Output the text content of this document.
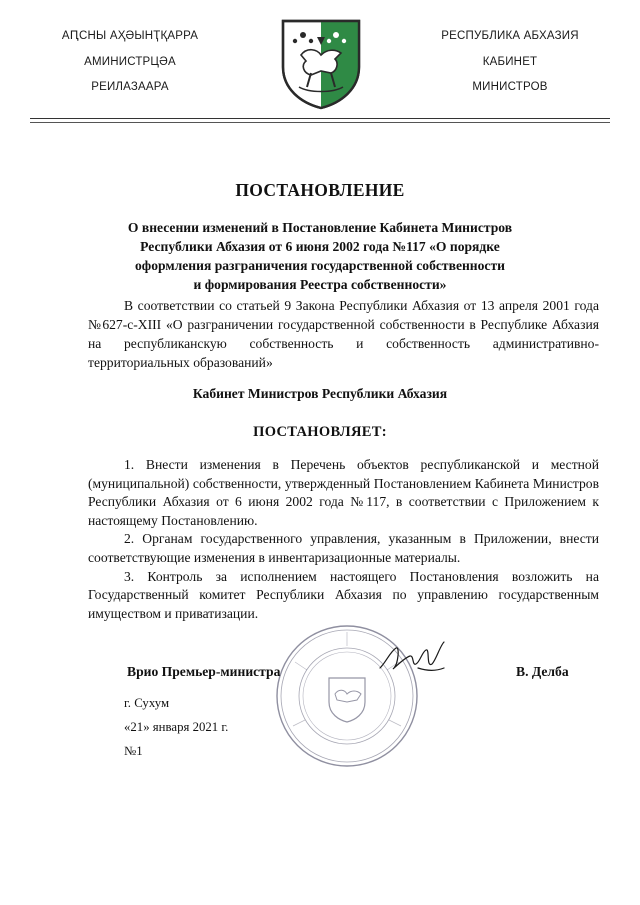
АԤСНЫ АҲӘЫНҬҚАРРА
АМИНИСТРЦӘА
РЕИЛАЗААРА
РЕСПУБЛИКА АБХАЗИЯ
КАБИНЕТ
МИНИСТРОВ
ПОСТАНОВЛЕНИЕ
О внесении изменений в Постановление Кабинета Министров
Республики Абхазия от 6 июня 2002 года №117 «О порядке
оформления разграничения государственной собственности
и формирования Реестра собственности»
В соответствии со статьей 9 Закона Республики Абхазия от 13 апреля 2001 года №627-с-XIII «О разграничении государственной собственности в Республике Абхазия на республиканскую собственность и собственность административно-территориальных образований»
Кабинет Министров Республики Абхазия
ПОСТАНОВЛЯЕТ:

1. Внести изменения в Перечень объектов республиканской и местной (муниципальной) собственности, утвержденный Постановлением Кабинета Министров Республики Абхазия от 6 июня 2002 года №117, в соответствии с Приложением к настоящему Постановлению.

2. Органам государственного управления, указанным в Приложении, внести соответствующие изменения в инвентаризационные материалы.

3. Контроль за исполнением настоящего Постановления возложить на Государственный комитет Республики Абхазия по управлению государственным имуществом и приватизации.

Врио Премьер-министра	В. Делба
г. Сухум
«21» января 2021 г.
№1
